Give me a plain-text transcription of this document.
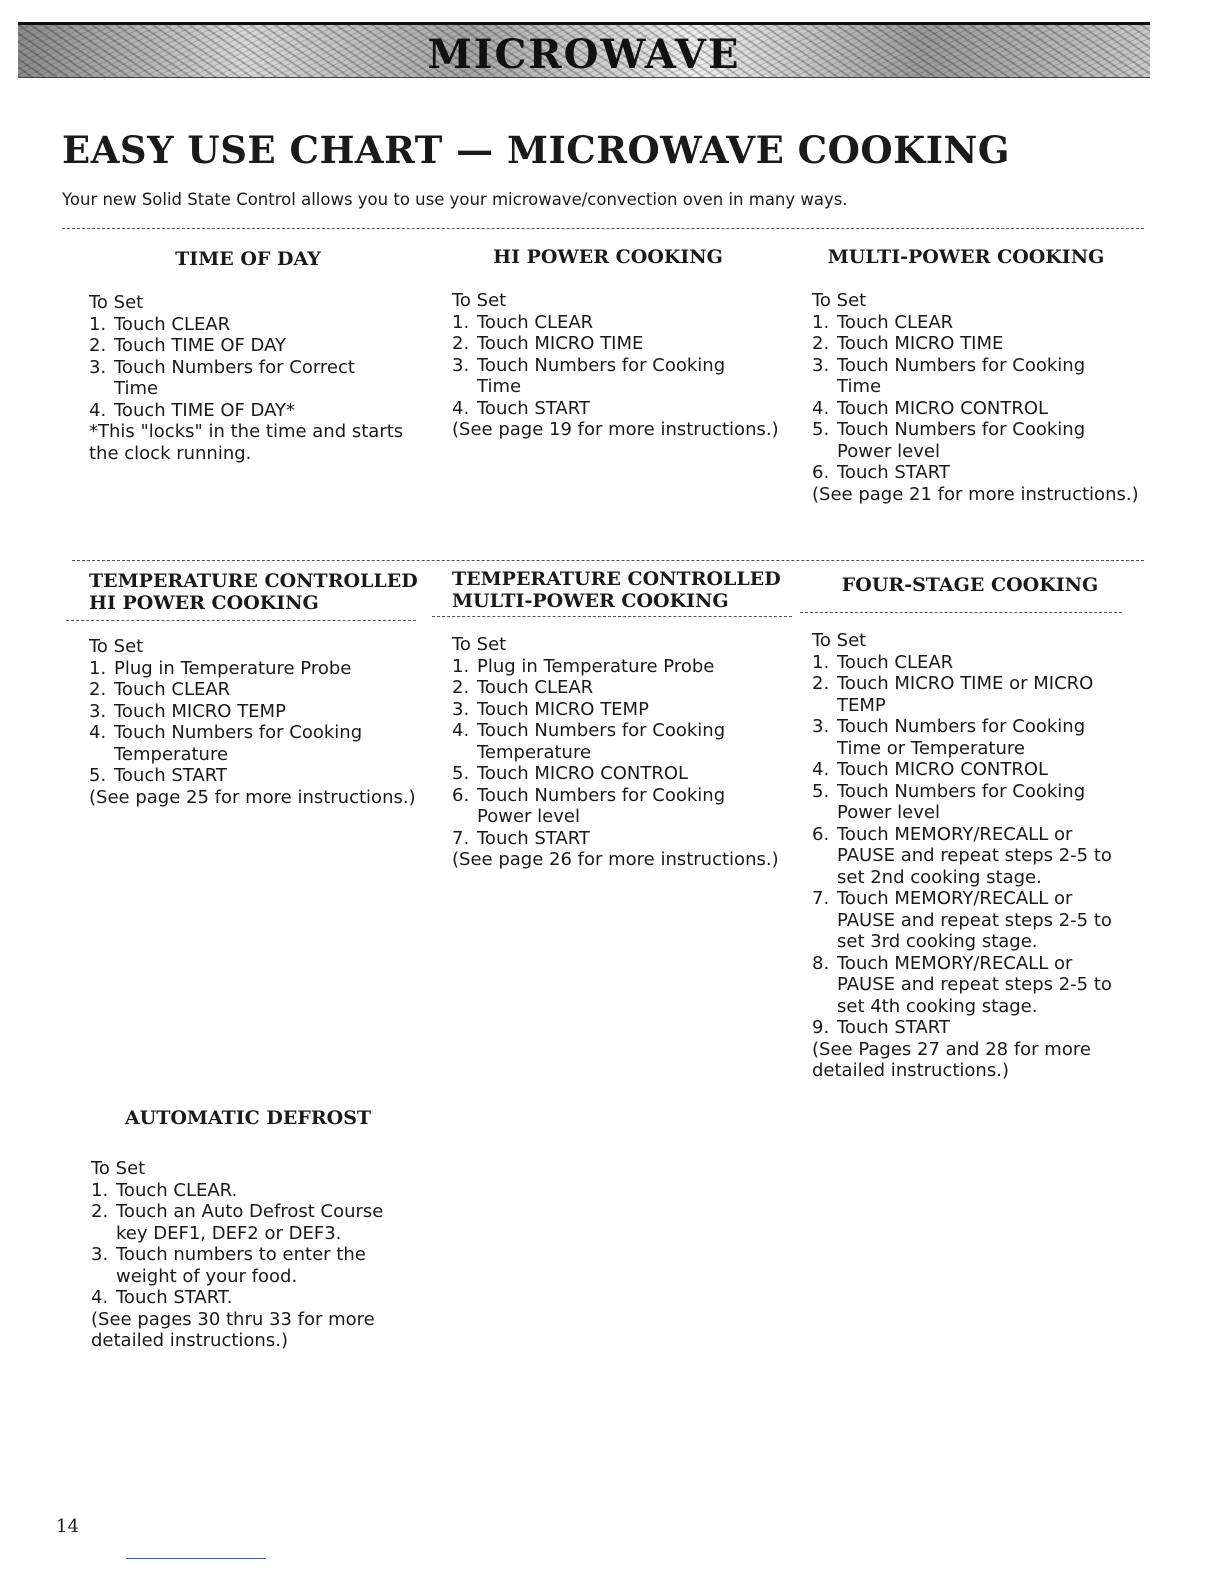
MICROWAVE
EASY USE CHART — MICROWAVE COOKING

Your new Solid State Control allows you to use your microwave/convection oven in many ways.

TIME OF DAY
To Set
1. Touch CLEAR
2. Touch TIME OF DAY
3. Touch Numbers for Correct Time
4. Touch TIME OF DAY*
*This "locks" in the time and starts the clock running.
HI POWER COOKING
To Set
1. Touch CLEAR
2. Touch MICRO TIME
3. Touch Numbers for Cooking Time
4. Touch START
(See page 19 for more instructions.)
MULTI-POWER COOKING
To Set
1. Touch CLEAR
2. Touch MICRO TIME
3. Touch Numbers for Cooking Time
4. Touch MICRO CONTROL
5. Touch Numbers for Cooking Power level
6. Touch START
(See page 21 for more instructions.)
TEMPERATURE CONTROLLED
HI POWER COOKING
To Set
1. Plug in Temperature Probe
2. Touch CLEAR
3. Touch MICRO TEMP
4. Touch Numbers for Cooking Temperature
5. Touch START
(See page 25 for more instructions.)
TEMPERATURE CONTROLLED
MULTI-POWER COOKING
To Set
1. Plug in Temperature Probe
2. Touch CLEAR
3. Touch MICRO TEMP
4. Touch Numbers for Cooking Temperature
5. Touch MICRO CONTROL
6. Touch Numbers for Cooking Power level
7. Touch START
(See page 26 for more instructions.)
FOUR-STAGE COOKING
To Set
1. Touch CLEAR
2. Touch MICRO TIME or MICRO TEMP
3. Touch Numbers for Cooking Time or Temperature
4. Touch MICRO CONTROL
5. Touch Numbers for Cooking Power level
6. Touch MEMORY/RECALL or PAUSE and repeat steps 2-5 to set 2nd cooking stage.
7. Touch MEMORY/RECALL or PAUSE and repeat steps 2-5 to set 3rd cooking stage.
8. Touch MEMORY/RECALL or PAUSE and repeat steps 2-5 to set 4th cooking stage.
9. Touch START
(See Pages 27 and 28 for more detailed instructions.)
AUTOMATIC DEFROST
To Set
1. Touch CLEAR.
2. Touch an Auto Defrost Course key DEF1, DEF2 or DEF3.
3. Touch numbers to enter the weight of your food.
4. Touch START.
(See pages 30 thru 33 for more detailed instructions.)
14
